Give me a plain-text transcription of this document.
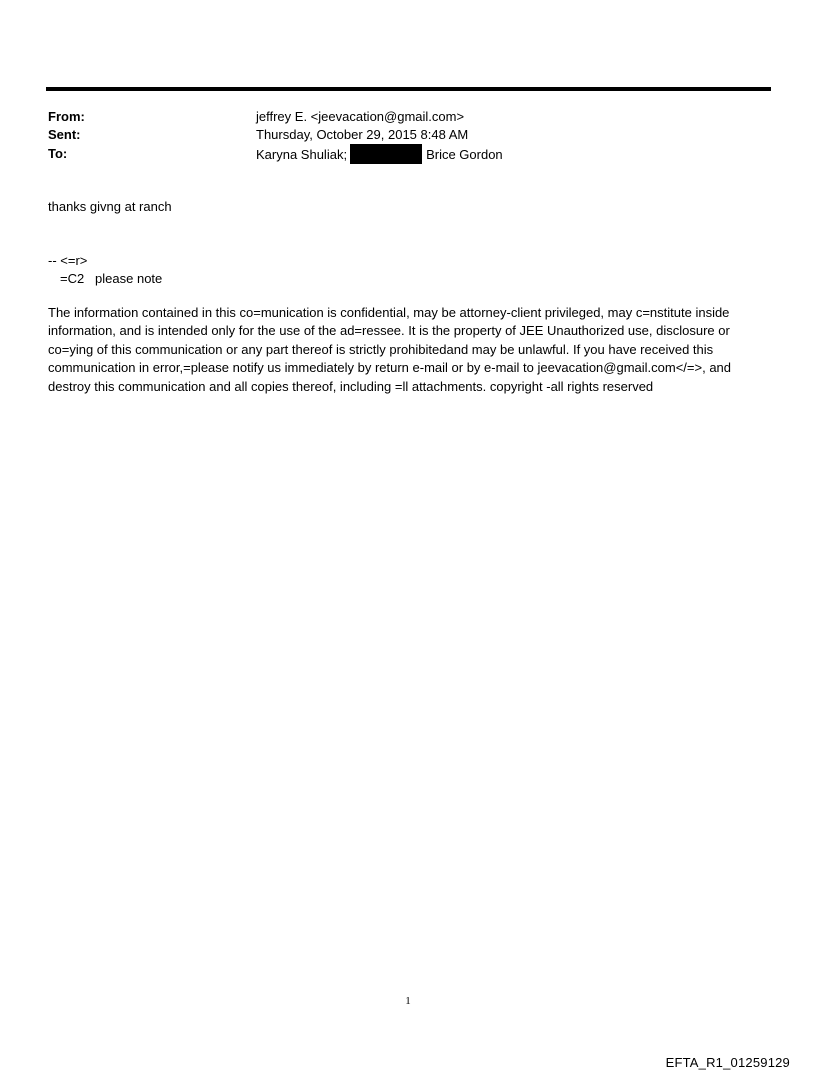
From:	jeffrey E. <jeevacation@gmail.com>
Sent:	Thursday, October 29, 2015 8:48 AM
To:	Karyna Shuliak;	Brice Gordon
thanks givng at ranch
-- <=r>
=C2   please note
The information contained in this co=munication is confidential, may be attorney-client privileged, may c=nstitute inside
information, and is intended only for the use of the ad=ressee. It is the property of JEE Unauthorized use, disclosure or
co=ying of this communication or any part thereof is strictly prohibitedand may be unlawful. If you have received this
communication in error,=please notify us immediately by return e-mail or by e-mail to jeevacation@gmail.com</=>, and
destroy this communication and all copies thereof, including =ll attachments. copyright -all rights reserved
1
EFTA_R1_01259129
